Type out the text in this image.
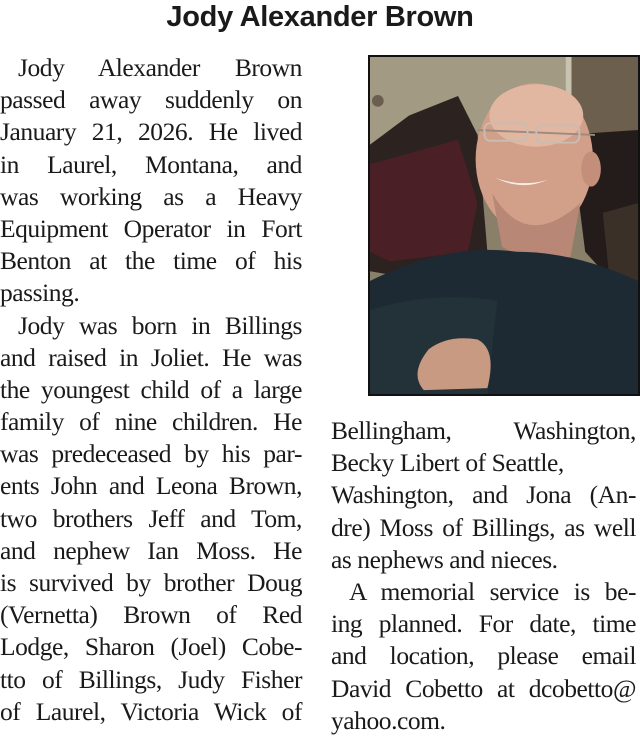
Jody Alexander Brown
Jody Alexander Brown
passed away suddenly on
January 21, 2026. He lived
in Laurel, Montana, and
was working as a Heavy
Equipment Operator in Fort
Benton at the time of his
passing.
Jody was born in Billings
and raised in Joliet. He was
the youngest child of a large
family of nine children. He
was predeceased by his par-
ents John and Leona Brown,
two brothers Jeff and Tom,
and nephew Ian Moss. He
is survived by brother Doug
(Vernetta) Brown of Red
Lodge, Sharon (Joel) Cobe-
tto of Billings, Judy Fisher
of Laurel, Victoria Wick of
Bellingham, Washington,
Becky Libert of Seattle,
Washington, and Jona (An-
dre) Moss of Billings, as well
as nephews and nieces.
A memorial service is be-
ing planned. For date, time
and location, please email
David Cobetto at dcobetto@
yahoo.com.
